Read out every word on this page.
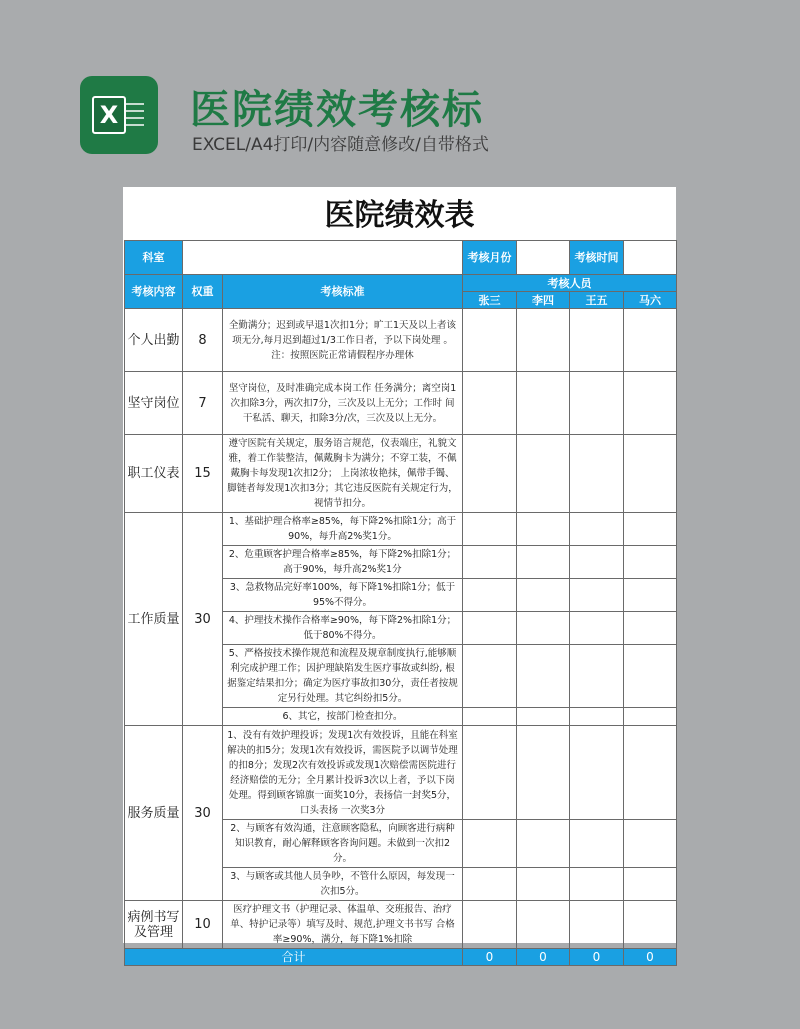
X 医院绩效考核标
EXCEL/A4打印/内容随意修改/自带格式
医院绩效表
科室			考核月份		考核时间	
考核内容	权重	考核标准	考核人员			
			张三	李四	王五	马六
个人出勤	8	全勤满分；迟到或早退1次扣1分；旷工1天及以上者该项无分,每月迟到超过1/3工作日者，予以下岗处理 。注：按照医院正常请假程序办理休				
坚守岗位	7	坚守岗位，及时准确完成本岗工作 任务满分；离空岗1次扣除3分，两次扣7分，三次及以上无分；工作时 间干私活、聊天，扣除3分/次，三次及以上无分。				
职工仪表	15	遵守医院有关规定，服务语言规范，仪表端庄，礼貌文雅，着工作装整洁，佩戴胸卡为满分；不穿工装，不佩戴胸卡每发现1次扣2分； 上岗浓妆艳抹，佩带手镯、脚链者每发现1次扣3分；其它违反医院有关规定行为，视情节扣分。				
工作质量	30	1、基础护理合格率≥85%，每下降2%扣除1分；高于90%，每升高2%奖1分。				
		2、危重顾客护理合格率≥85%，每下降2%扣除1分；高于90%，每升高2%奖1分				
		3、急救物品完好率100%，每下降1%扣除1分；低于95%不得分。				
		4、护理技术操作合格率≥90%，每下降2%扣除1分；低于80%不得分。				
		5、严格按技术操作规范和流程及规章制度执行,能够顺利完成护理工作；因护理缺陷发生医疗事故或纠纷, 根据鉴定结果扣分；确定为医疗事故扣30分，责任者按规定另行处理。其它纠纷扣5分。				
		6、其它，按部门检查扣分。				
服务质量	30	1、没有有效护理投诉；发现1次有效投诉，且能在科室解决的扣5分；发现1次有效投诉，需医院予以调节处理的扣8分；发现2次有效投诉或发现1次赔偿需医院进行经济赔偿的无分；全月累计投诉3次以上者，予以下岗处理。得到顾客锦旗一面奖10分，表扬信一封奖5分，口头表扬 一次奖3分				
		2、与顾客有效沟通，注意顾客隐私，向顾客进行病种知识教育，耐心解释顾客咨询问题。未做到一次扣2分。				
		3、与顾客或其他人员争吵，不管什么原因，每发现一次扣5分。				
病例书写及管理	10	医疗护理文书（护理记录、体温单、交班报告、治疗单、特护记录等）填写及时、规范,护理文书书写 合格率≥90%，满分，每下降1%扣除				
合计			0	0	0	0
